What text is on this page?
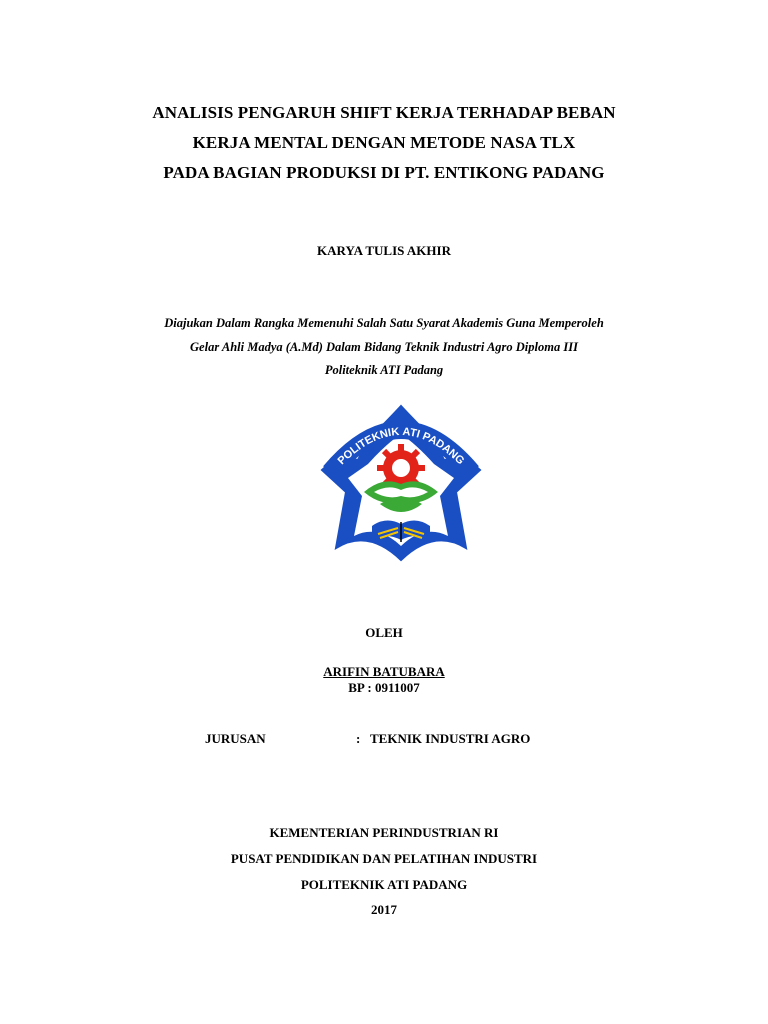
ANALISIS PENGARUH SHIFT KERJA TERHADAP BEBAN
KERJA MENTAL DENGAN METODE NASA TLX
PADA BAGIAN PRODUKSI DI PT. ENTIKONG PADANG
KARYA TULIS AKHIR
Diajukan Dalam Rangka Memenuhi Salah Satu Syarat Akademis Guna Memperoleh
Gelar Ahli Madya (A.Md) Dalam Bidang Teknik Industri Agro Diploma III
Politeknik ATI Padang
POLITEKNIK ATI PADANG
OLEH
ARIFIN BATUBARA
BP : 0911007
JURUSAN	: TEKNIK INDUSTRI AGRO
KEMENTERIAN PERINDUSTRIAN RI
PUSAT PENDIDIKAN DAN PELATIHAN INDUSTRI
POLITEKNIK ATI PADANG
2017
